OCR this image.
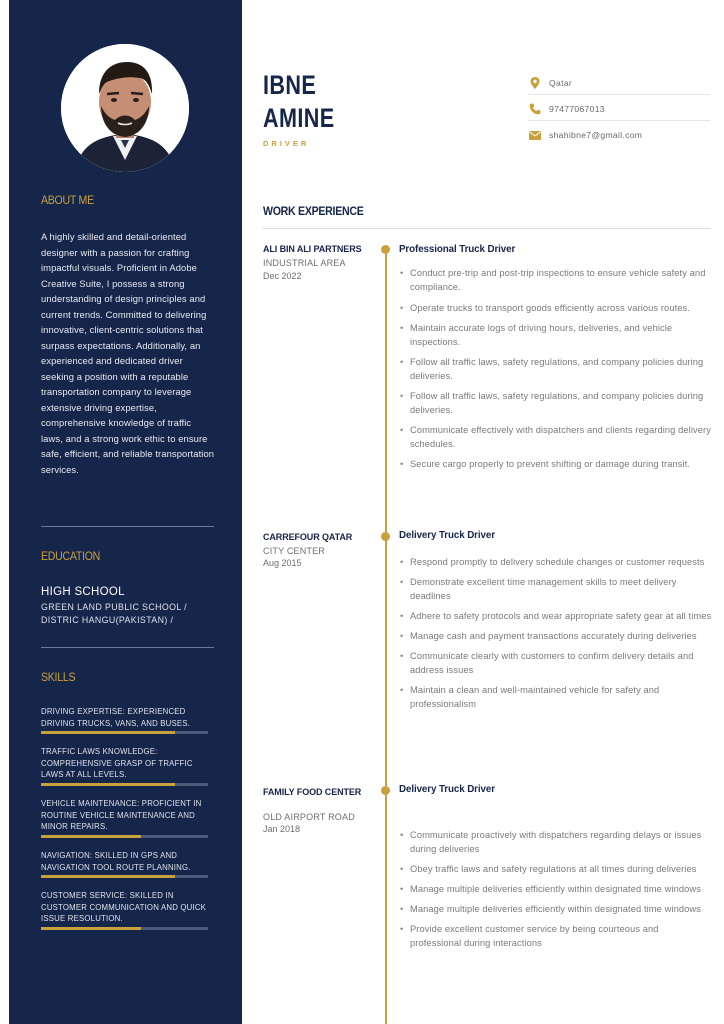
ABOUT ME
A highly skilled and detail-oriented designer with a passion for crafting impactful visuals. Proficient in Adobe Creative Suite, I possess a strong understanding of design principles and current trends. Committed to delivering innovative, client-centric solutions that surpass expectations. Additionally, an experienced and dedicated driver seeking a position with a reputable transportation company to leverage extensive driving expertise, comprehensive knowledge of traffic laws, and a strong work ethic to ensure safe, efficient, and reliable transportation services.
EDUCATION
HIGH SCHOOL
GREEN LAND PUBLIC SCHOOL / DISTRIC HANGU(PAKISTAN) /
SKILLS
DRIVING EXPERTISE: EXPERIENCED DRIVING TRUCKS, VANS, AND BUSES.
TRAFFIC LAWS KNOWLEDGE: COMPREHENSIVE GRASP OF TRAFFIC LAWS AT ALL LEVELS.
VEHICLE MAINTENANCE: PROFICIENT IN ROUTINE VEHICLE MAINTENANCE AND MINOR REPAIRS.
NAVIGATION: SKILLED IN GPS AND NAVIGATION TOOL ROUTE PLANNING.
CUSTOMER SERVICE: SKILLED IN CUSTOMER COMMUNICATION AND QUICK ISSUE RESOLUTION.
IBNE
AMINE
DRIVER
Qatar
97477067013
shahibne7@gmail.com
WORK EXPERIENCE
ALI BIN ALI PARTNERS
INDUSTRIAL AREA
Dec 2022
Professional Truck Driver
• Conduct pre-trip and post-trip inspections to ensure vehicle safety and compliance.
• Operate trucks to transport goods efficiently across various routes.
• Maintain accurate logs of driving hours, deliveries, and vehicle inspections.
• Follow all traffic laws, safety regulations, and company policies during deliveries.
• Follow all traffic laws, safety regulations, and company policies during deliveries.
• Communicate effectively with dispatchers and clients regarding delivery schedules.
• Secure cargo properly to prevent shifting or damage during transit.
CARREFOUR QATAR
CITY CENTER
Aug 2015
Delivery Truck Driver
• Respond promptly to delivery schedule changes or customer requests
• Demonstrate excellent time management skills to meet delivery deadlines
• Adhere to safety protocols and wear appropriate safety gear at all times
• Manage cash and payment transactions accurately during deliveries
• Communicate clearly with customers to confirm delivery details and address issues
• Maintain a clean and well-maintained vehicle for safety and professionalism
FAMILY FOOD CENTER
OLD AIRPORT ROAD
Jan 2018
Delivery Truck Driver
• Communicate proactively with dispatchers regarding delays or issues during deliveries
• Obey traffic laws and safety regulations at all times during deliveries
• Manage multiple deliveries efficiently within designated time windows
• Manage multiple deliveries efficiently within designated time windows
• Provide excellent customer service by being courteous and professional during interactions
